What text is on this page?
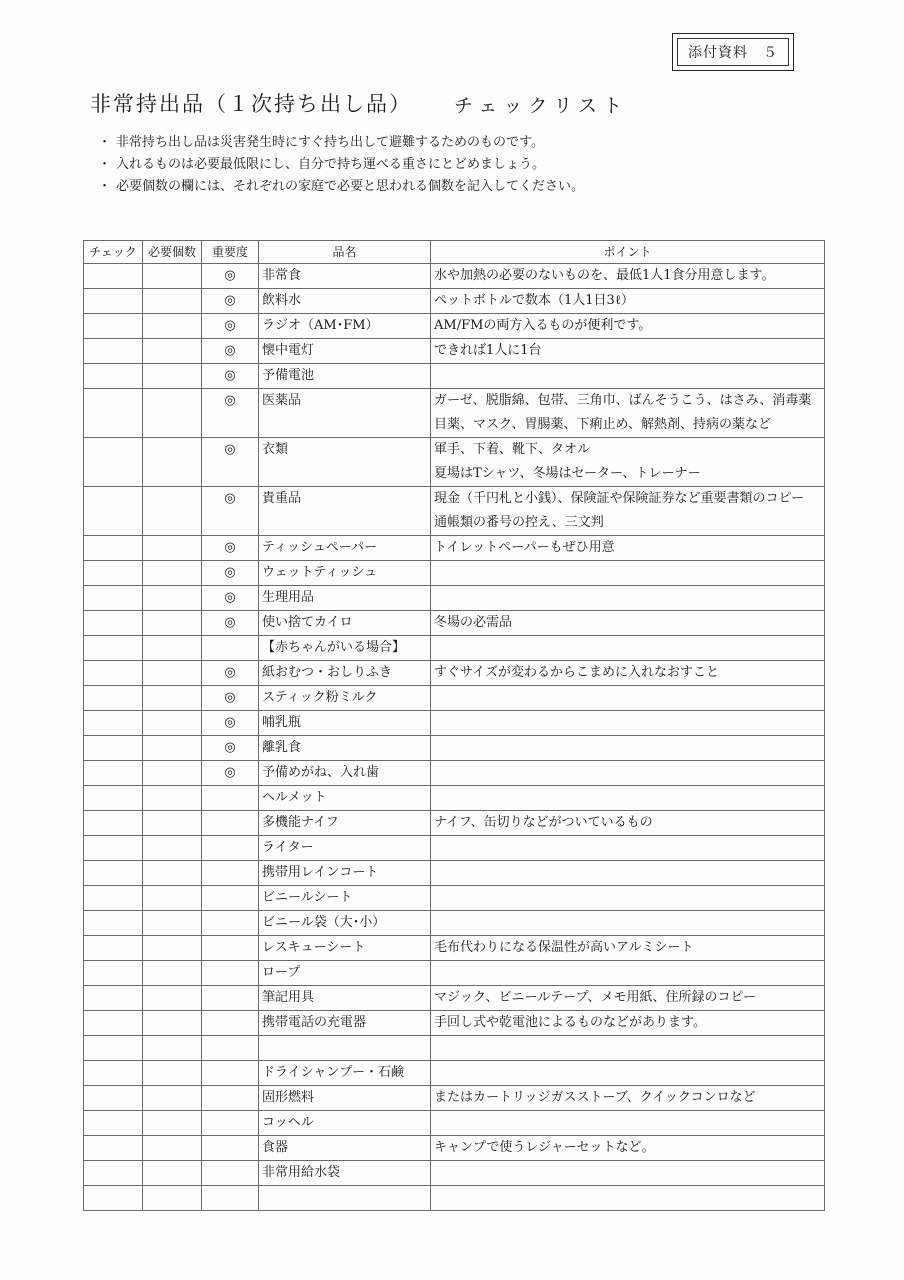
添付資料　５
非常持出品（１次持ち出し品） チェックリスト
・ 非常持ち出し品は災害発生時にすぐ持ち出して避難するためのものです。
・ 入れるものは必要最低限にし、自分で持ち運べる重さにとどめましょう。
・ 必要個数の欄には、それぞれの家庭で必要と思われる個数を記入してください。
チェック	必要個数	重要度	品名	ポイント
		◎	非常食	水や加熱の必要のないものを、最低1人1食分用意します。

		◎	飲料水	ペットボトルで数本（1人1日3ℓ）

		◎	ラジオ（AM･FM）	AM/FMの両方入るものが便利です。

		◎	懐中電灯	できれば1人に1台

		◎	予備電池	

		◎	医薬品	ガーゼ、脱脂綿、包帯、三角巾、ばんそうこう、はさみ、消毒薬
目薬、マスク、胃腸薬、下痢止め、解熱剤、持病の薬など

		◎	衣類	軍手、下着、靴下、タオル
夏場はTシャツ、冬場はセーター、トレーナー

		◎	貴重品	現金（千円札と小銭）、保険証や保険証券など重要書類のコピー
通帳類の番号の控え、三文判

		◎	ティッシュペーパー	トイレットペーパーもぜひ用意

		◎	ウェットティッシュ	

		◎	生理用品	

		◎	使い捨てカイロ	冬場の必需品

			【赤ちゃんがいる場合】	

		◎	紙おむつ・おしりふき	すぐサイズが変わるからこまめに入れなおすこと

		◎	スティック粉ミルク	

		◎	哺乳瓶	

		◎	離乳食	

		◎	予備めがね、入れ歯	

			ヘルメット	

			多機能ナイフ	ナイフ、缶切りなどがついているもの

			ライター	

			携帯用レインコート	

			ビニールシート	

			ビニール袋（大･小）	

			レスキューシート	毛布代わりになる保温性が高いアルミシート

			ロープ	

			筆記用具	マジック、ビニールテープ、メモ用紙、住所録のコピー

			携帯電話の充電器	手回し式や乾電池によるものなどがあります。

			ドライシャンプー・石鹸	

			固形燃料	またはカートリッジガスストーブ、クイックコンロなど

			コッヘル	

			食器	キャンプで使うレジャーセットなど。

			非常用給水袋	
